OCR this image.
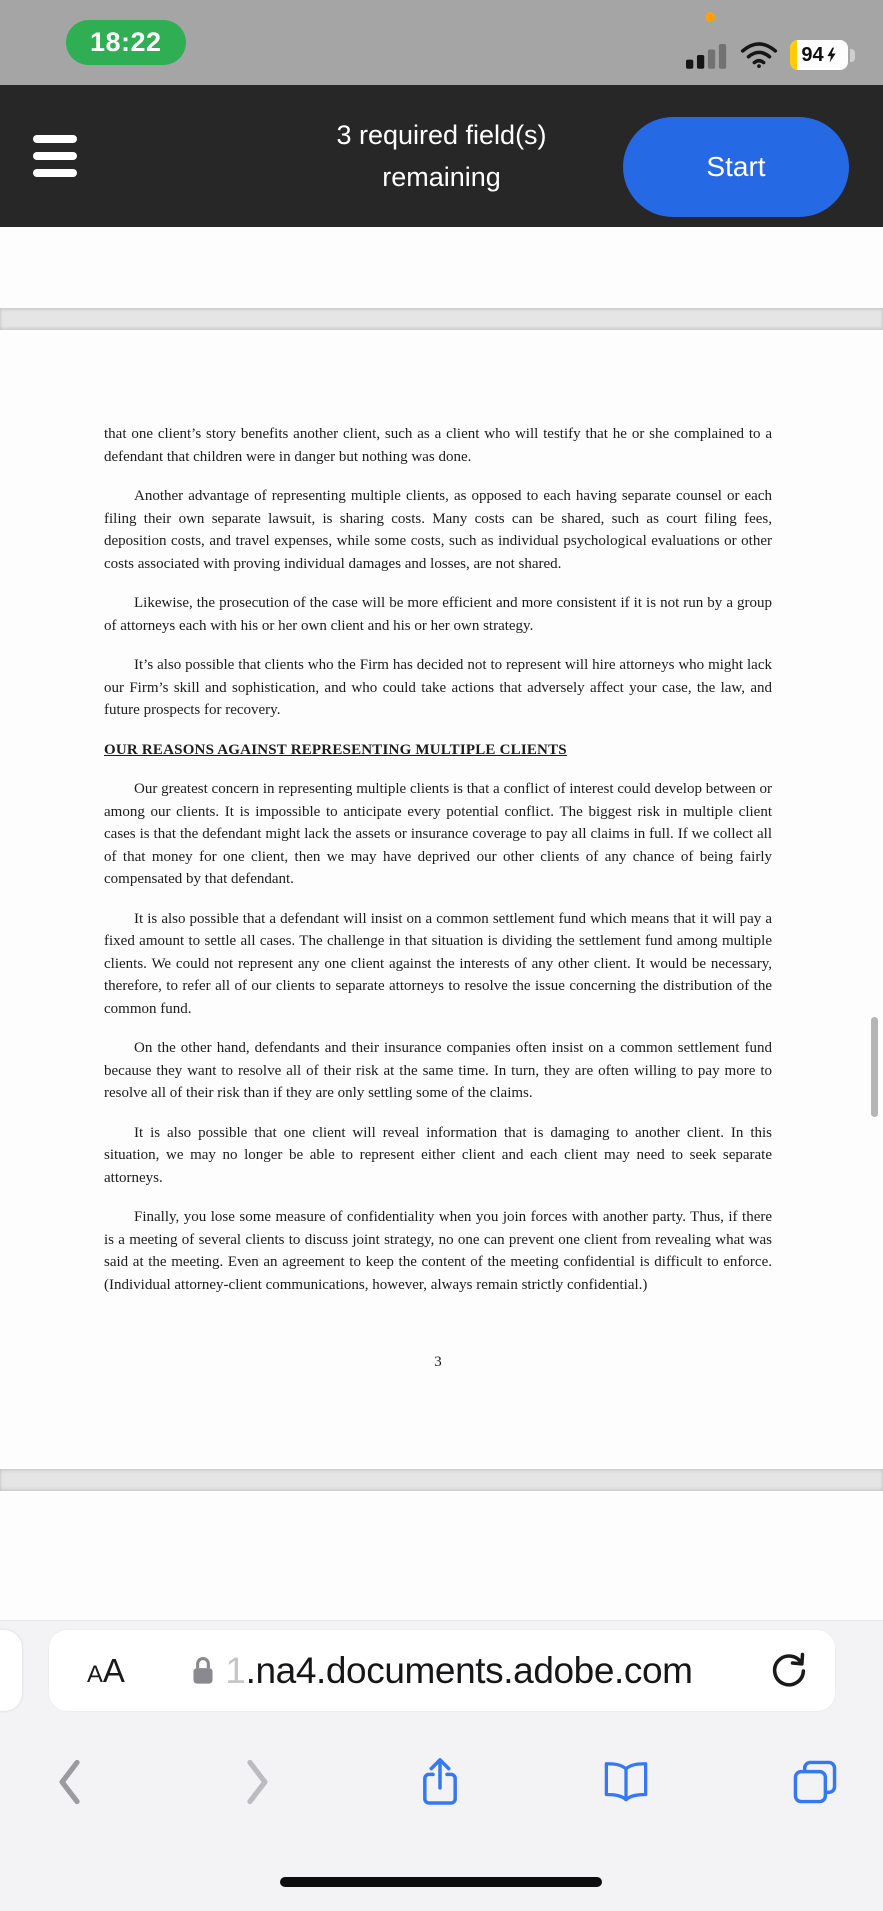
18:22	94
3 required field(s)
remaining	Start

that one client’s story benefits another client, such as a client who will testify that he or she complained to a defendant that children were in danger but nothing was done.

Another advantage of representing multiple clients, as opposed to each having separate counsel or each filing their own separate lawsuit, is sharing costs. Many costs can be shared, such as court filing fees, deposition costs, and travel expenses, while some costs, such as individual psychological evaluations or other costs associated with proving individual damages and losses, are not shared.

Likewise, the prosecution of the case will be more efficient and more consistent if it is not run by a group of attorneys each with his or her own client and his or her own strategy.

It’s also possible that clients who the Firm has decided not to represent will hire attorneys who might lack our Firm’s skill and sophistication, and who could take actions that adversely affect your case, the law, and future prospects for recovery.

OUR REASONS AGAINST REPRESENTING MULTIPLE CLIENTS

Our greatest concern in representing multiple clients is that a conflict of interest could develop between or among our clients. It is impossible to anticipate every potential conflict. The biggest risk in multiple client cases is that the defendant might lack the assets or insurance coverage to pay all claims in full. If we collect all of that money for one client, then we may have deprived our other clients of any chance of being fairly compensated by that defendant.

It is also possible that a defendant will insist on a common settlement fund which means that it will pay a fixed amount to settle all cases. The challenge in that situation is dividing the settlement fund among multiple clients. We could not represent any one client against the interests of any other client. It would be necessary, therefore, to refer all of our clients to separate attorneys to resolve the issue concerning the distribution of the common fund.

On the other hand, defendants and their insurance companies often insist on a common settlement fund because they want to resolve all of their risk at the same time. In turn, they are often willing to pay more to resolve all of their risk than if they are only settling some of the claims.

It is also possible that one client will reveal information that is damaging to another client. In this situation, we may no longer be able to represent either client and each client may need to seek separate attorneys.

Finally, you lose some measure of confidentiality when you join forces with another party. Thus, if there is a meeting of several clients to discuss joint strategy, no one can prevent one client from revealing what was said at the meeting. Even an agreement to keep the content of the meeting confidential is difficult to enforce. (Individual attorney-client communications, however, always remain strictly confidential.)

3
AA	1.na4.documents.adobe.com
